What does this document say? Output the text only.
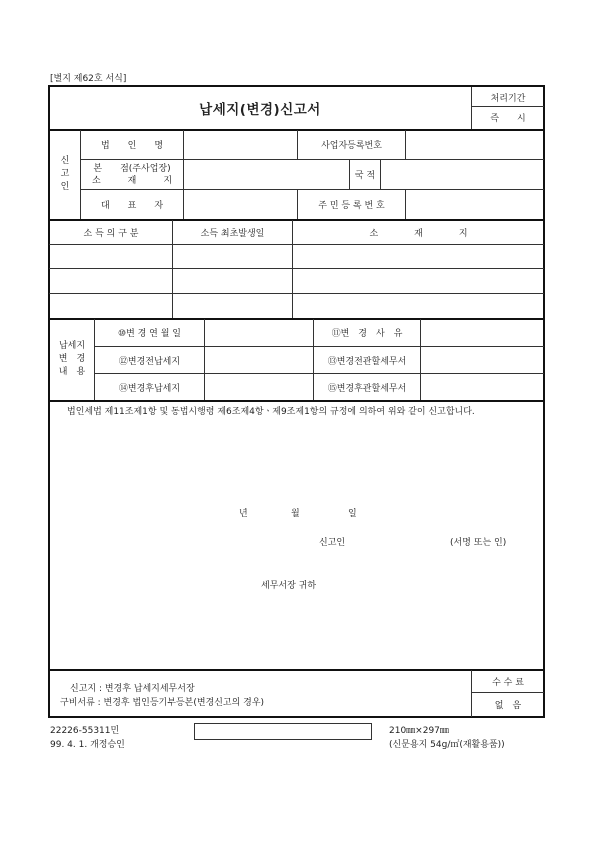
[별지 제62호 서식]
납세지(변경)신고서
처리기간
즉　　시
신
고
인
법　　인　　명	사업자등록번호
본　　점(주사업장)
소　　　재　　　지	국 적
대　　표　　자	주 민 등 록 번 호
소 득 의 구 분	소득 최초발생일	소　　　　재　　　　지
납세지
변　경
내　용
⑩변 경 연 월 일	⑪변　경　사　유
⑫변경전납세지	⑬변경전관할세무서
⑭변경후납세지	⑮변경후관할세무서
　법인세법 제11조제1항 및 동법시행령 제6조제4항ㆍ제9조제1항의 규정에 의하여 위와 같이 신고합니다.
년	월	일
신고인	(서명 또는 인)
세무서장 귀하
수 수 료
없　음
신고지 : 변경후 납세지세무서장
구비서류 : 변경후 법인등기부등본(변경신고의 경우)
22226-55311민
99. 4. 1. 개정승인
210㎜×297㎜
(신문용지 54g/㎡(재활용품))
